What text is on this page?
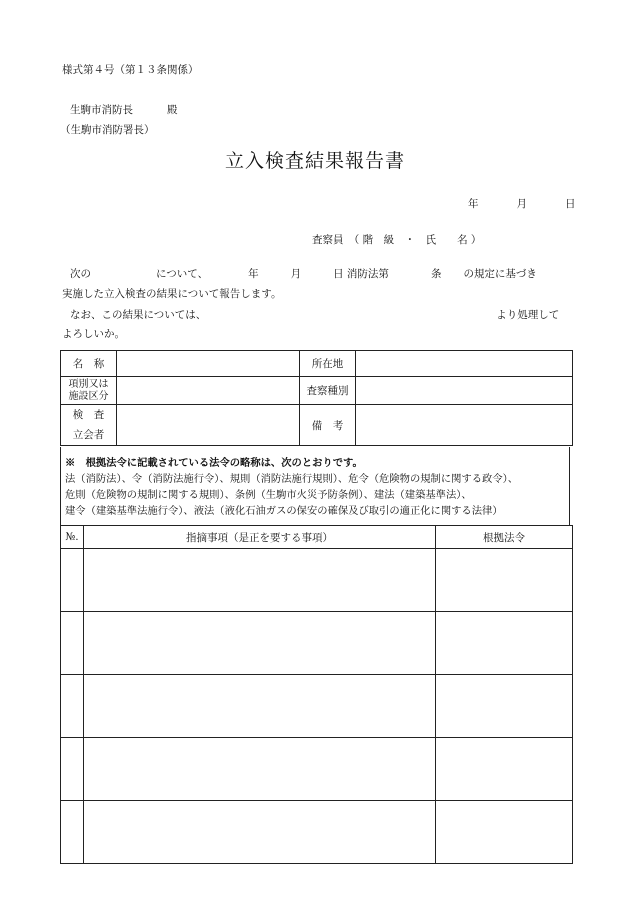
様式第４号（第１３条関係）
生駒市消防長	殿
（生駒市消防署長）
立入検査結果報告書
年	月	日
査察員　（ 階　級　・　氏　　名 ）
次の	について、	年	月	日 消防法第	条 の規定に基づき
実施した立入検査の結果について報告します。
なお、この結果については、	より処理して
よろしいか。
名　称		所在地	

項別又は
施設区分		査察種別	

検　査
立会者		備　考	
※　根拠法令に記載されている法令の略称は、次のとおりです。
法（消防法）、令（消防法施行令）、規則（消防法施行規則）、危令（危険物の規制に関する政令）、
危則（危険物の規制に関する規則）、条例（生駒市火災予防条例）、建法（建築基準法）、
建令（建築基準法施行令）、液法（液化石油ガスの保安の確保及び取引の適正化に関する法律）
№.	指摘事項（是正を要する事項）	根拠法令
